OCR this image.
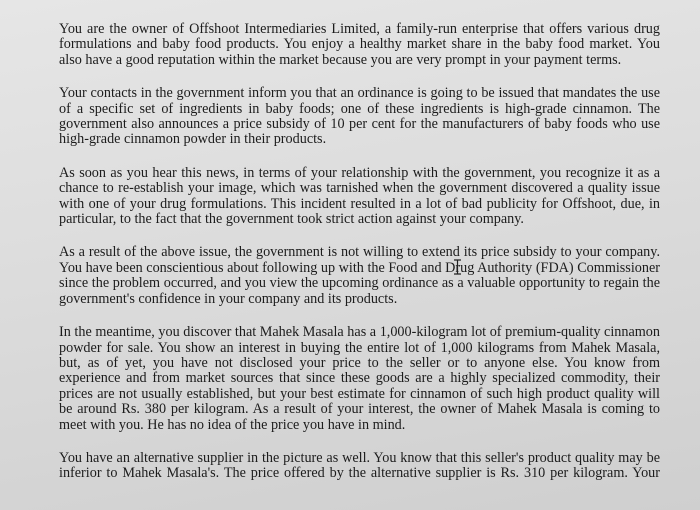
You are the owner of Offshoot Intermediaries Limited, a family-run enterprise that offers various drug
formulations and baby food products. You enjoy a healthy market share in the baby food market. You
also have a good reputation within the market because you are very prompt in your payment terms.

Your contacts in the government inform you that an ordinance is going to be issued that mandates the use
of a specific set of ingredients in baby foods; one of these ingredients is high-grade cinnamon. The
government also announces a price subsidy of 10 per cent for the manufacturers of baby foods who use
high-grade cinnamon powder in their products.

As soon as you hear this news, in terms of your relationship with the government, you recognize it as a
chance to re-establish your image, which was tarnished when the government discovered a quality issue
with one of your drug formulations. This incident resulted in a lot of bad publicity for Offshoot, due, in
particular, to the fact that the government took strict action against your company.

As a result of the above issue, the government is not willing to extend its price subsidy to your company.
You have been conscientious about following up with the Food and Drug Authority (FDA) Commissioner
since the problem occurred, and you view the upcoming ordinance as a valuable opportunity to regain the
government's confidence in your company and its products.

In the meantime, you discover that Mahek Masala has a 1,000-kilogram lot of premium-quality cinnamon
powder for sale. You show an interest in buying the entire lot of 1,000 kilograms from Mahek Masala,
but, as of yet, you have not disclosed your price to the seller or to anyone else. You know from
experience and from market sources that since these goods are a highly specialized commodity, their
prices are not usually established, but your best estimate for cinnamon of such high product quality will
be around Rs. 380 per kilogram. As a result of your interest, the owner of Mahek Masala is coming to
meet with you. He has no idea of the price you have in mind.

You have an alternative supplier in the picture as well. You know that this seller's product quality may be
inferior to Mahek Masala's. The price offered by the alternative supplier is Rs. 310 per kilogram. Your
